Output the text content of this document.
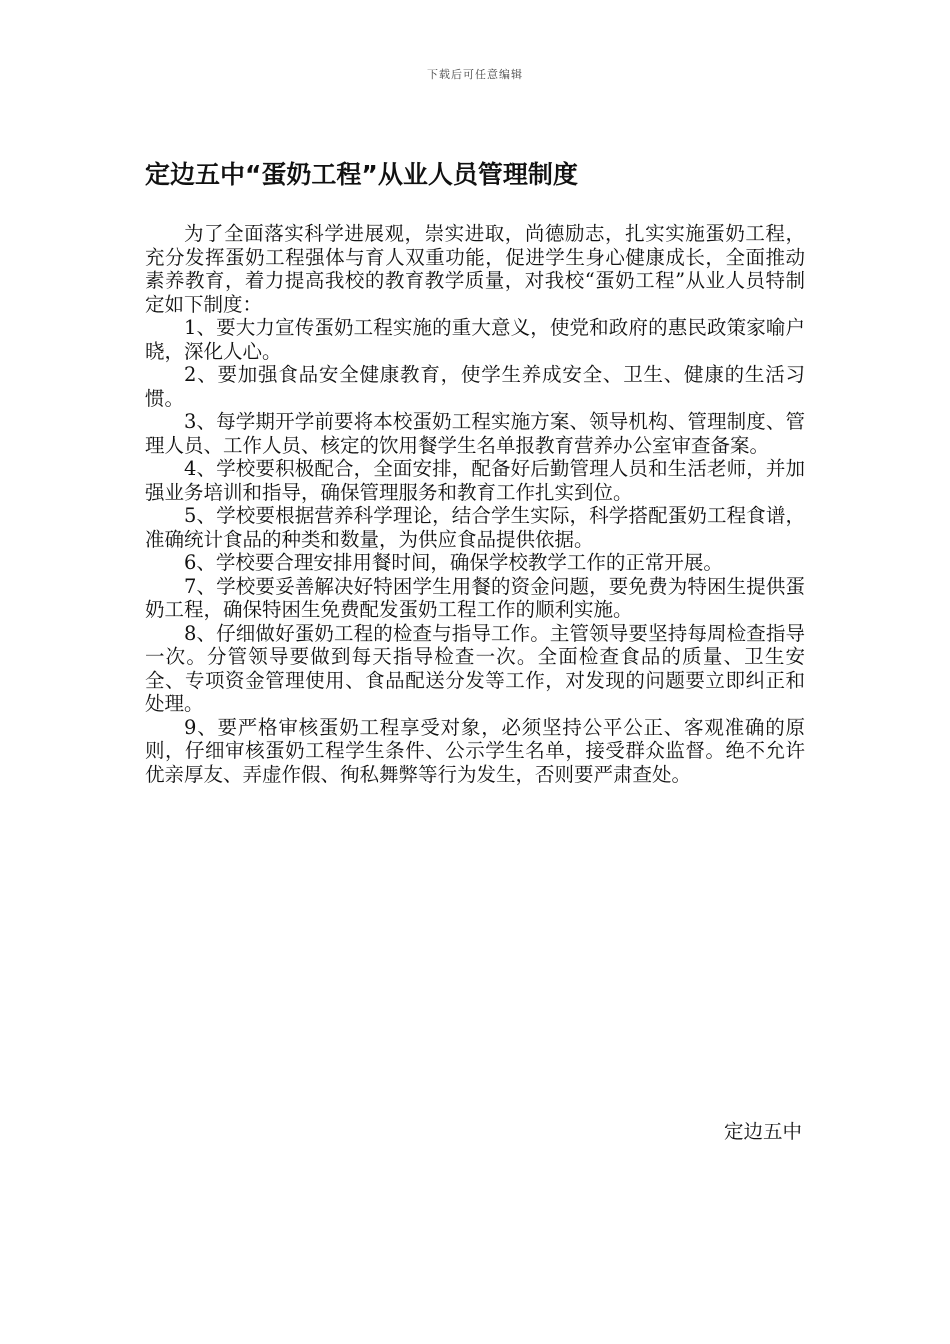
下载后可任意编辑
定边五中“蛋奶工程”从业人员管理制度

为了全面落实科学进展观，崇实进取，尚德励志，扎实实施蛋奶工程，充分发挥蛋奶工程强体与育人双重功能，促进学生身心健康成长，全面推动素养教育，着力提高我校的教育教学质量，对我校“蛋奶工程”从业人员特制定如下制度：

1、要大力宣传蛋奶工程实施的重大意义，使党和政府的惠民政策家喻户晓，深化人心。

2、要加强食品安全健康教育，使学生养成安全、卫生、健康的生活习惯。

3、每学期开学前要将本校蛋奶工程实施方案、领导机构、管理制度、管理人员、工作人员、核定的饮用餐学生名单报教育营养办公室审查备案。

4、学校要积极配合，全面安排，配备好后勤管理人员和生活老师，并加强业务培训和指导，确保管理服务和教育工作扎实到位。

5、学校要根据营养科学理论，结合学生实际，科学搭配蛋奶工程食谱，准确统计食品的种类和数量，为供应食品提供依据。

6、学校要合理安排用餐时间，确保学校教学工作的正常开展。

7、学校要妥善解决好特困学生用餐的资金问题，要免费为特困生提供蛋奶工程，确保特困生免费配发蛋奶工程工作的顺利实施。

8、仔细做好蛋奶工程的检查与指导工作。主管领导要坚持每周检查指导一次。分管领导要做到每天指导检查一次。全面检查食品的质量、卫生安全、专项资金管理使用、食品配送分发等工作，对发现的问题要立即纠正和处理。

9、要严格审核蛋奶工程享受对象，必须坚持公平公正、客观准确的原则，仔细审核蛋奶工程学生条件、公示学生名单，接受群众监督。绝不允许优亲厚友、弄虚作假、徇私舞弊等行为发生，否则要严肃查处。

定边五中
